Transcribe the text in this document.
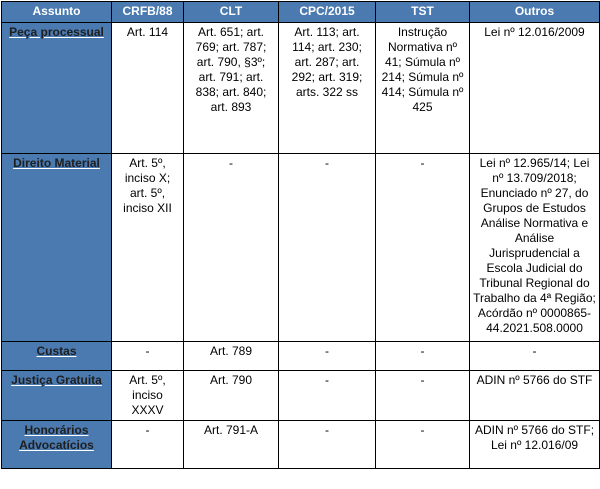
Assunto	CRFB/88	CLT	CPC/2015	TST	Outros
Peça processual	Art. 114	Art. 651; art. 769; art. 787; art. 790, §3º; art. 791; art. 838; art. 840; art. 893	Art. 113; art. 114; art. 230; art. 287; art. 292; art. 319; arts. 322 ss	Instrução Normativa nº 41; Súmula nº 214; Súmula nº 414; Súmula nº 425	Lei nº 12.016/2009
Direito Material	Art. 5º, inciso X; art. 5º, inciso XII	-	-	-	Lei nº 12.965/14; Lei nº 13.709/2018; Enunciado nº 27, do Grupos de Estudos Análise Normativa e Análise Jurisprudencial a Escola Judicial do Tribunal Regional do Trabalho da 4ª Região; Acórdão nº 0000865-44.2021.508.0000
Custas	-	Art. 789	-	-	-
Justiça Gratuita	Art. 5º, inciso XXXV	Art. 790	-	-	ADIN nº 5766 do STF
Honorários Advocatícios	-	Art. 791-A	-	-	ADIN nº 5766 do STF; Lei nº 12.016/09
